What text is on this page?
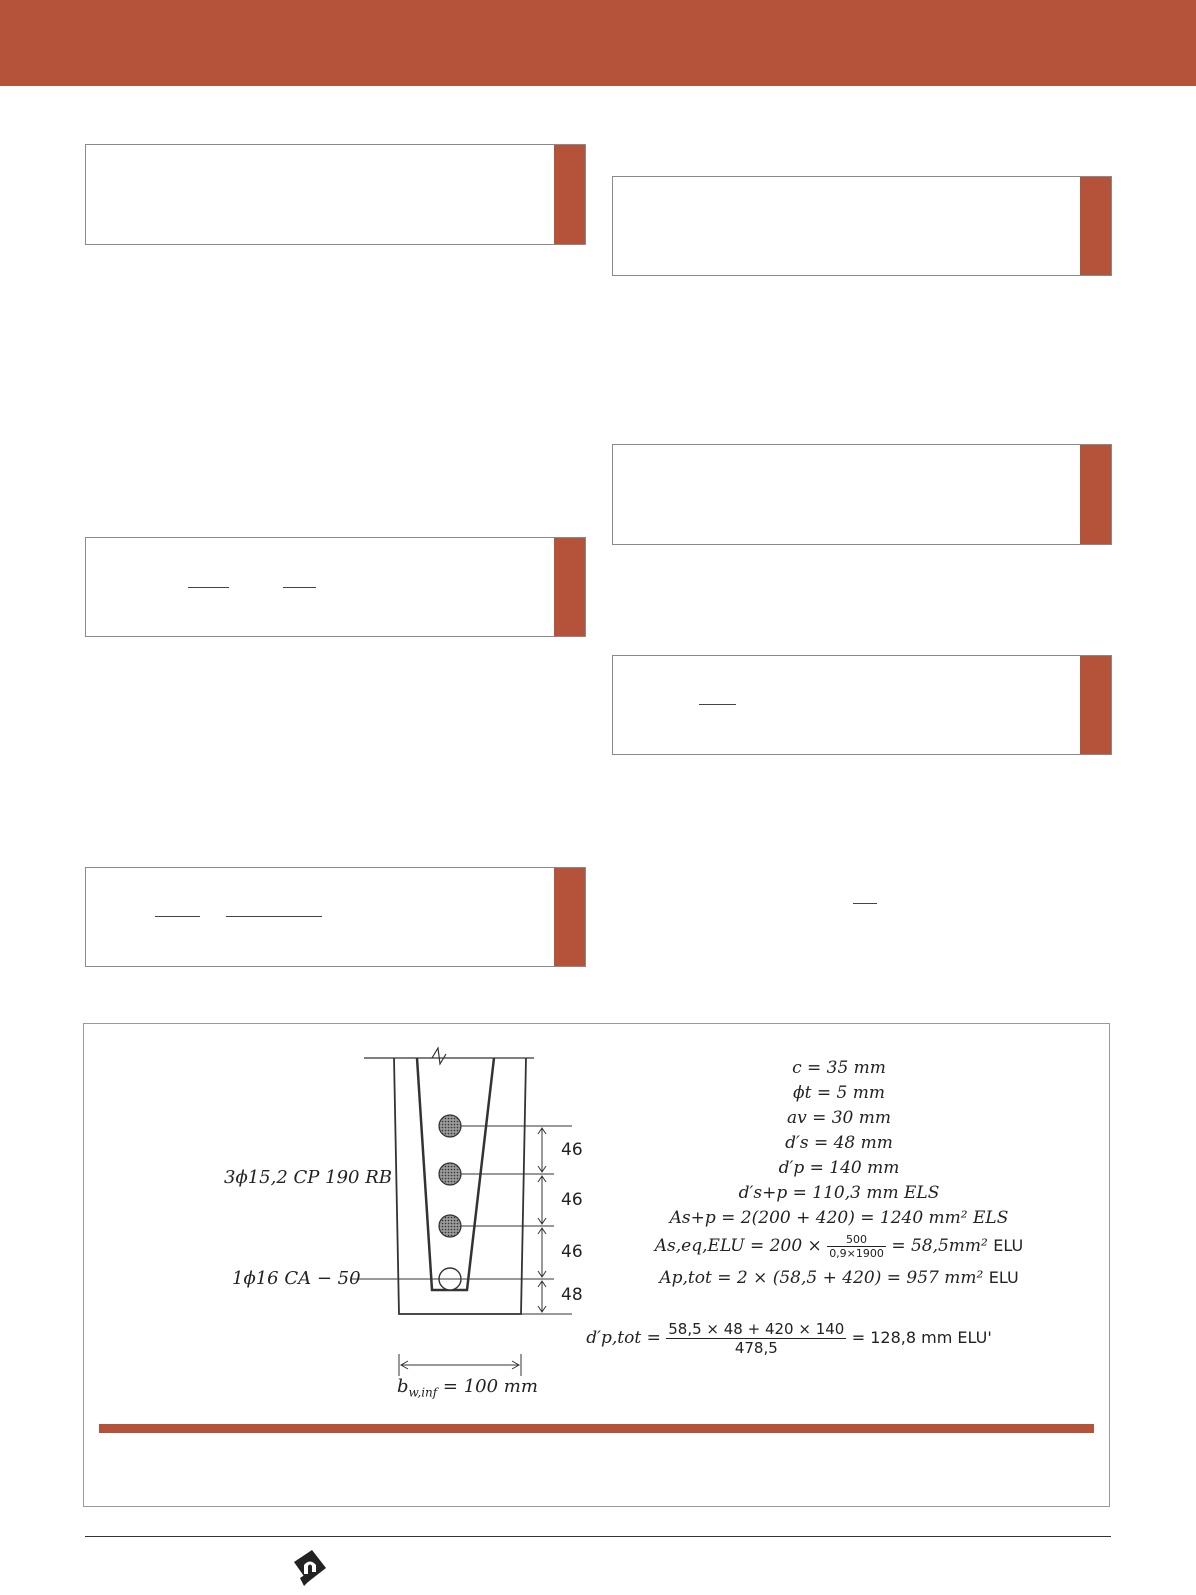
3ϕ15,2 CP 190 RB
1ϕ16 CA − 50
$b_{w,inf} = 100$ mm
46
46
46
48
c = 35 mm
ϕt = 5 mm
av = 30 mm
d′s = 48 mm
d′p = 140 mm
d′s+p = 110,3 mm ELS
As+p = 2(200 + 420) = 1240 mm² ELS
$As,eq,ELU = 200 \times \frac{500}{0,9\times 1900} = 58,5mm^2$ ELU
Ap,tot = 2 × (58,5 + 420) = 957 mm² ELU
$d'p,tot = \frac{58,5 \times 48 + 420 \times 140}{478,5} = 128,8$ mm ELU'
